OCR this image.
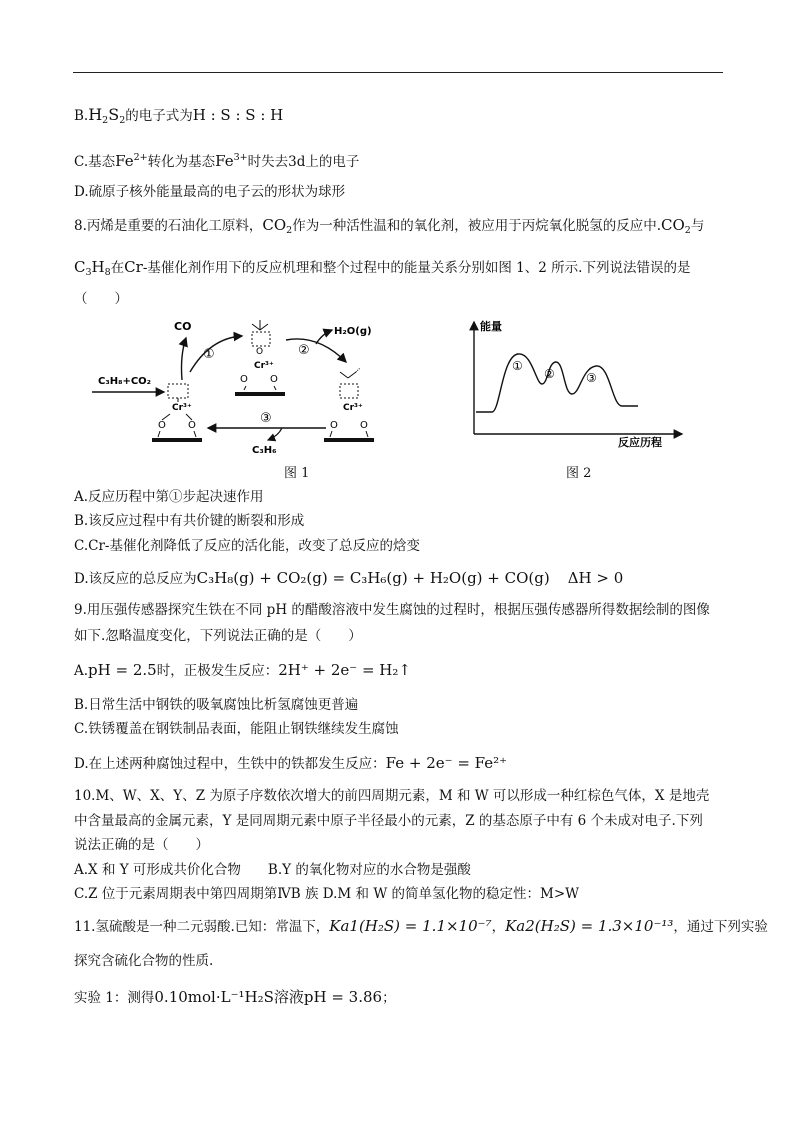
$B.H_2S_2$的电子式为H : S : S : H
C.基态$Fe^{2+}$转化为基态$Fe^{3+}$时失去3d上的电子
D.硫原子核外能量最高的电子云的形状为球形
8.丙烯是重要的石油化工原料，$CO_2$作为一种活性温和的氧化剂，被应用于丙烷氧化脱氢的反应中$.CO_2$与
$C_3H_8$在Cr-基催化剂作用下的反应机理和整个过程中的能量关系分别如图 1、2 所示.下列说法错误的是
（　　）
CO
C₃H₈+CO₂
Cr³⁺
O O
①	O
Cr³⁺
O O
②
H₂O(g)
Cr³⁺
O O
③
C₃H₆
图 1
能量
反应历程
①
②	③
图 2
A.反应历程中第①步起决速作用
B.该反应过程中有共价键的断裂和形成
C.Cr-基催化剂降低了反应的活化能，改变了总反应的焓变
D.该反应的总反应为C₃H₈(g) + CO₂(g) = C₃H₆(g) + H₂O(g) + CO(g) ΔH > 0
9.用压强传感器探究生铁在不同 pH 的醋酸溶液中发生腐蚀的过程时，根据压强传感器所得数据绘制的图像
如下.忽略温度变化，下列说法正确的是（　　）
A.pH = 2.5时，正极发生反应：2H⁺ + 2e⁻ = H₂↑
B.日常生活中钢铁的吸氧腐蚀比析氢腐蚀更普遍
C.铁锈覆盖在钢铁制品表面，能阻止钢铁继续发生腐蚀
D.在上述两种腐蚀过程中，生铁中的铁都发生反应：Fe + 2e⁻ = Fe²⁺
10.M、W、X、Y、Z 为原子序数依次增大的前四周期元素，M 和 W 可以形成一种红棕色气体，X 是地壳
中含量最高的金属元素，Y 是同周期元素中原子半径最小的元素，Z 的基态原子中有 6 个未成对电子.下列
说法正确的是（　　）
A.X 和 Y 可形成共价化合物　　B.Y 的氧化物对应的水合物是强酸
C.Z 位于元素周期表中第四周期第ⅣB 族 D.M 和 W 的简单氢化物的稳定性：M>W
11.氢硫酸是一种二元弱酸.已知：常温下，Ka1(H₂S) = 1.1×10⁻⁷，Ka2(H₂S) = 1.3×10⁻¹³，通过下列实验
探究含硫化合物的性质.
实验 1：测得0.10mol·L⁻¹H₂S溶液pH = 3.86；
